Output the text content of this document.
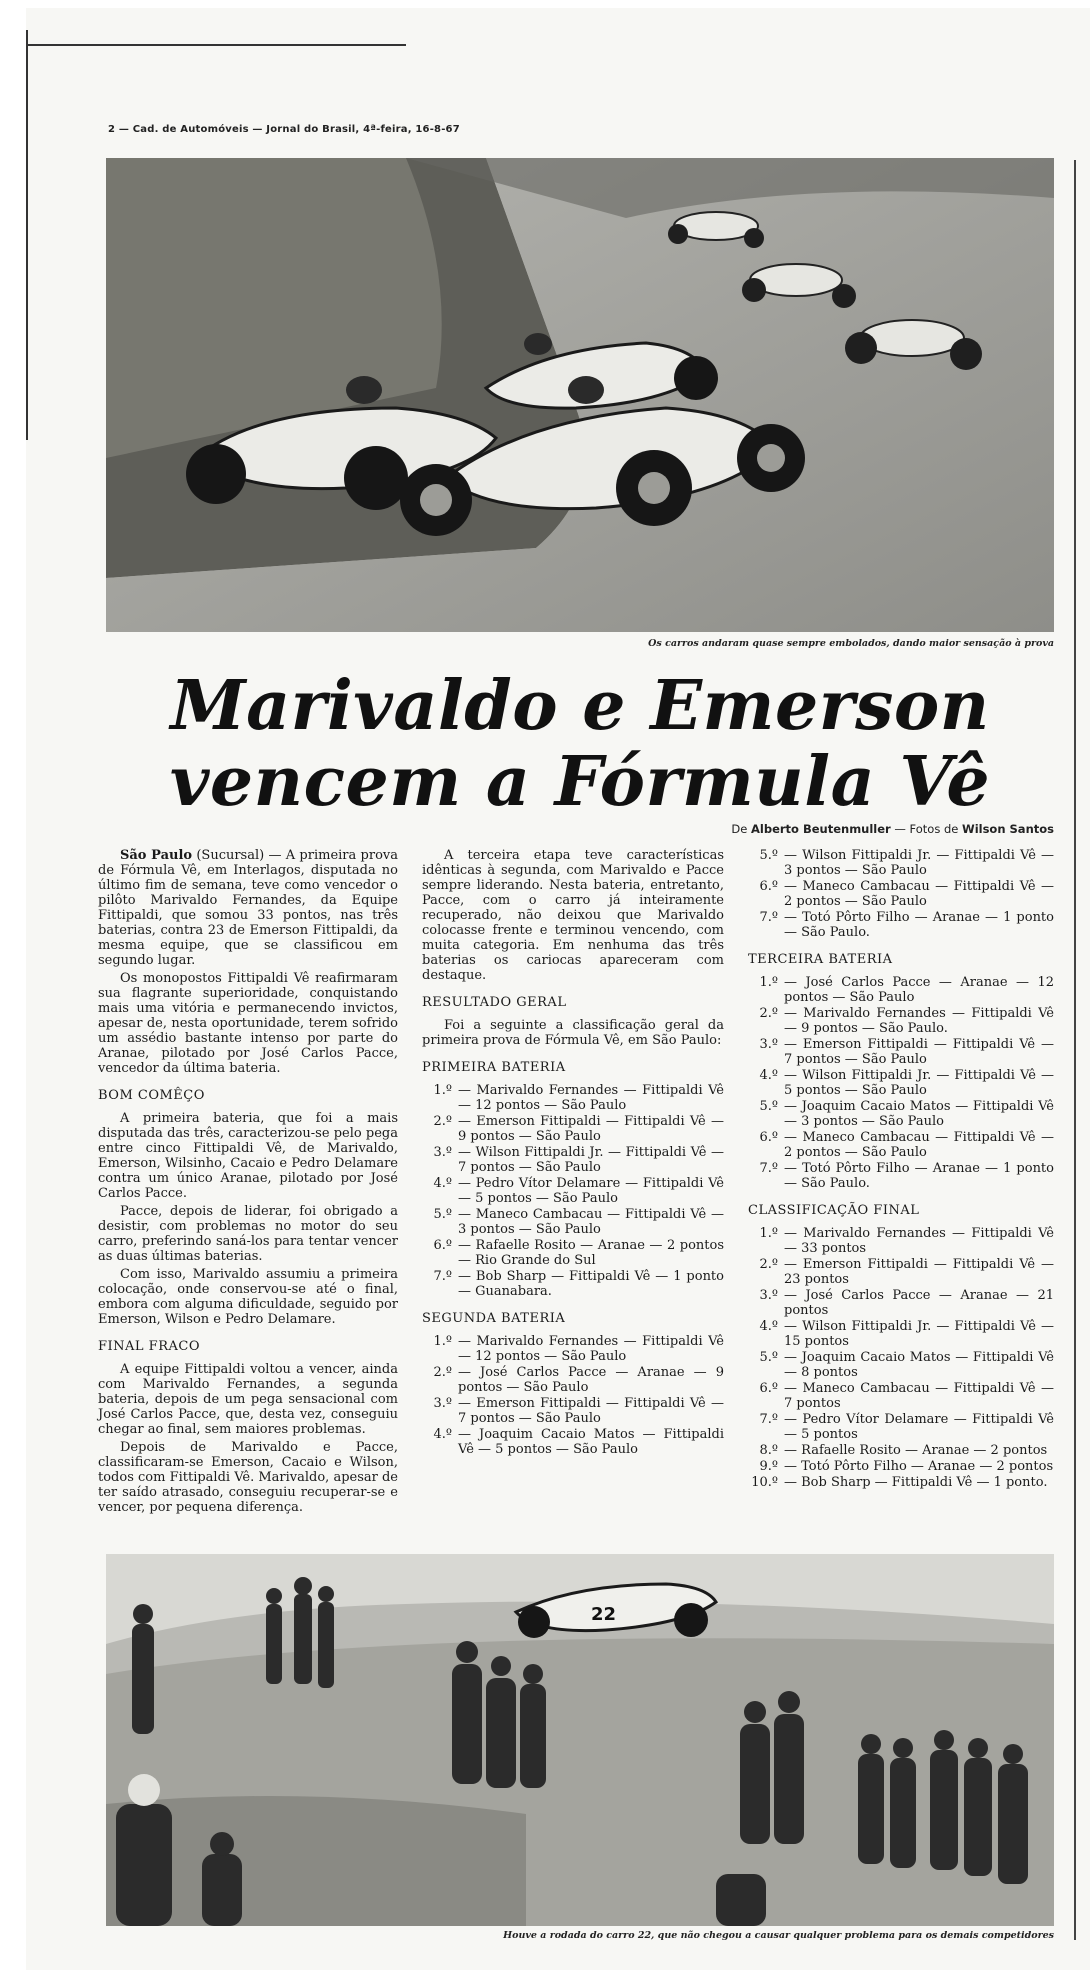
2 — Cad. de Automóveis — Jornal do Brasil, 4ª-feira, 16-8-67
Os carros andaram quase sempre embolados, dando maior sensação à prova
Marivaldo e Emerson
vencem a Fórmula Vê
De Alberto Beutenmuller — Fotos de Wilson Santos

São Paulo (Sucursal) — A primeira prova de Fórmula Vê, em Interlagos, disputada no último fim de semana, teve como vencedor o pilôto Marivaldo Fernandes, da Equipe Fittipaldi, que somou 33 pontos, nas três baterias, contra 23 de Emerson Fittipaldi, da mesma equipe, que se classificou em segundo lugar.

Os monopostos Fittipaldi Vê reafirmaram sua flagrante superioridade, conquistando mais uma vitória e permanecendo invictos, apesar de, nesta oportunidade, terem sofrido um assédio bastante intenso por parte do Aranae, pilotado por José Carlos Pacce, vencedor da última bateria.

BOM COMÊÇO

A primeira bateria, que foi a mais disputada das três, caracterizou-se pelo pega entre cinco Fittipaldi Vê, de Marivaldo, Emerson, Wilsinho, Cacaio e Pedro Delamare contra um único Aranae, pilotado por José Carlos Pacce.

Pacce, depois de liderar, foi obrigado a desistir, com problemas no motor do seu carro, preferindo saná-los para tentar vencer as duas últimas baterias.

Com isso, Marivaldo assumiu a primeira colocação, onde conservou-se até o final, embora com alguma dificuldade, seguido por Emerson, Wilson e Pedro Delamare.

FINAL FRACO

A equipe Fittipaldi voltou a vencer, ainda com Marivaldo Fernandes, a segunda bateria, depois de um pega sensacional com José Carlos Pacce, que, desta vez, conseguiu chegar ao final, sem maiores problemas.

Depois de Marivaldo e Pacce, classificaram-se Emerson, Cacaio e Wilson, todos com Fittipaldi Vê. Marivaldo, apesar de ter saído atrasado, conseguiu recuperar-se e vencer, por pequena diferença.

A terceira etapa teve características idênticas à segunda, com Marivaldo e Pacce sempre liderando. Nesta bateria, entretanto, Pacce, com o carro já inteiramente recuperado, não deixou que Marivaldo colocasse frente e terminou vencendo, com muita categoria. Em nenhuma das três baterias os cariocas apareceram com destaque.

RESULTADO GERAL

Foi a seguinte a classificação geral da primeira prova de Fórmula Vê, em São Paulo:

PRIMEIRA BATERIA
1.º — Marivaldo Fernandes — Fittipaldi Vê — 12 pontos — São Paulo
2.º — Emerson Fittipaldi — Fittipaldi Vê — 9 pontos — São Paulo
3.º — Wilson Fittipaldi Jr. — Fittipaldi Vê — 7 pontos — São Paulo
4.º — Pedro Vítor Delamare — Fittipaldi Vê — 5 pontos — São Paulo
5.º — Maneco Cambacau — Fittipaldi Vê — 3 pontos — São Paulo
6.º — Rafaelle Rosito — Aranae — 2 pontos — Rio Grande do Sul
7.º — Bob Sharp — Fittipaldi Vê — 1 ponto — Guanabara.
SEGUNDA BATERIA
1.º — Marivaldo Fernandes — Fittipaldi Vê — 12 pontos — São Paulo
2.º — José Carlos Pacce — Aranae — 9 pontos — São Paulo
3.º — Emerson Fittipaldi — Fittipaldi Vê — 7 pontos — São Paulo
4.º — Joaquim Cacaio Matos — Fittipaldi Vê — 5 pontos — São Paulo
5.º — Wilson Fittipaldi Jr. — Fittipaldi Vê — 3 pontos — São Paulo
6.º — Maneco Cambacau — Fittipaldi Vê — 2 pontos — São Paulo
7.º — Totó Pôrto Filho — Aranae — 1 ponto — São Paulo.
TERCEIRA BATERIA
1.º — José Carlos Pacce — Aranae — 12 pontos — São Paulo
2.º — Marivaldo Fernandes — Fittipaldi Vê — 9 pontos — São Paulo.
3.º — Emerson Fittipaldi — Fittipaldi Vê — 7 pontos — São Paulo
4.º — Wilson Fittipaldi Jr. — Fittipaldi Vê — 5 pontos — São Paulo
5.º — Joaquim Cacaio Matos — Fittipaldi Vê — 3 pontos — São Paulo
6.º — Maneco Cambacau — Fittipaldi Vê — 2 pontos — São Paulo
7.º — Totó Pôrto Filho — Aranae — 1 ponto — São Paulo.
CLASSIFICAÇÃO FINAL
1.º — Marivaldo Fernandes — Fittipaldi Vê — 33 pontos
2.º — Emerson Fittipaldi — Fittipaldi Vê — 23 pontos
3.º — José Carlos Pacce — Aranae — 21 pontos
4.º — Wilson Fittipaldi Jr. — Fittipaldi Vê — 15 pontos
5.º — Joaquim Cacaio Matos — Fittipaldi Vê — 8 pontos
6.º — Maneco Cambacau — Fittipaldi Vê — 7 pontos
7.º — Pedro Vítor Delamare — Fittipaldi Vê — 5 pontos
8.º — Rafaelle Rosito — Aranae — 2 pontos
9.º — Totó Pôrto Filho — Aranae — 2 pontos
10.º — Bob Sharp — Fittipaldi Vê — 1 ponto.
22
Houve a rodada do carro 22, que não chegou a causar qualquer problema para os demais competidores
